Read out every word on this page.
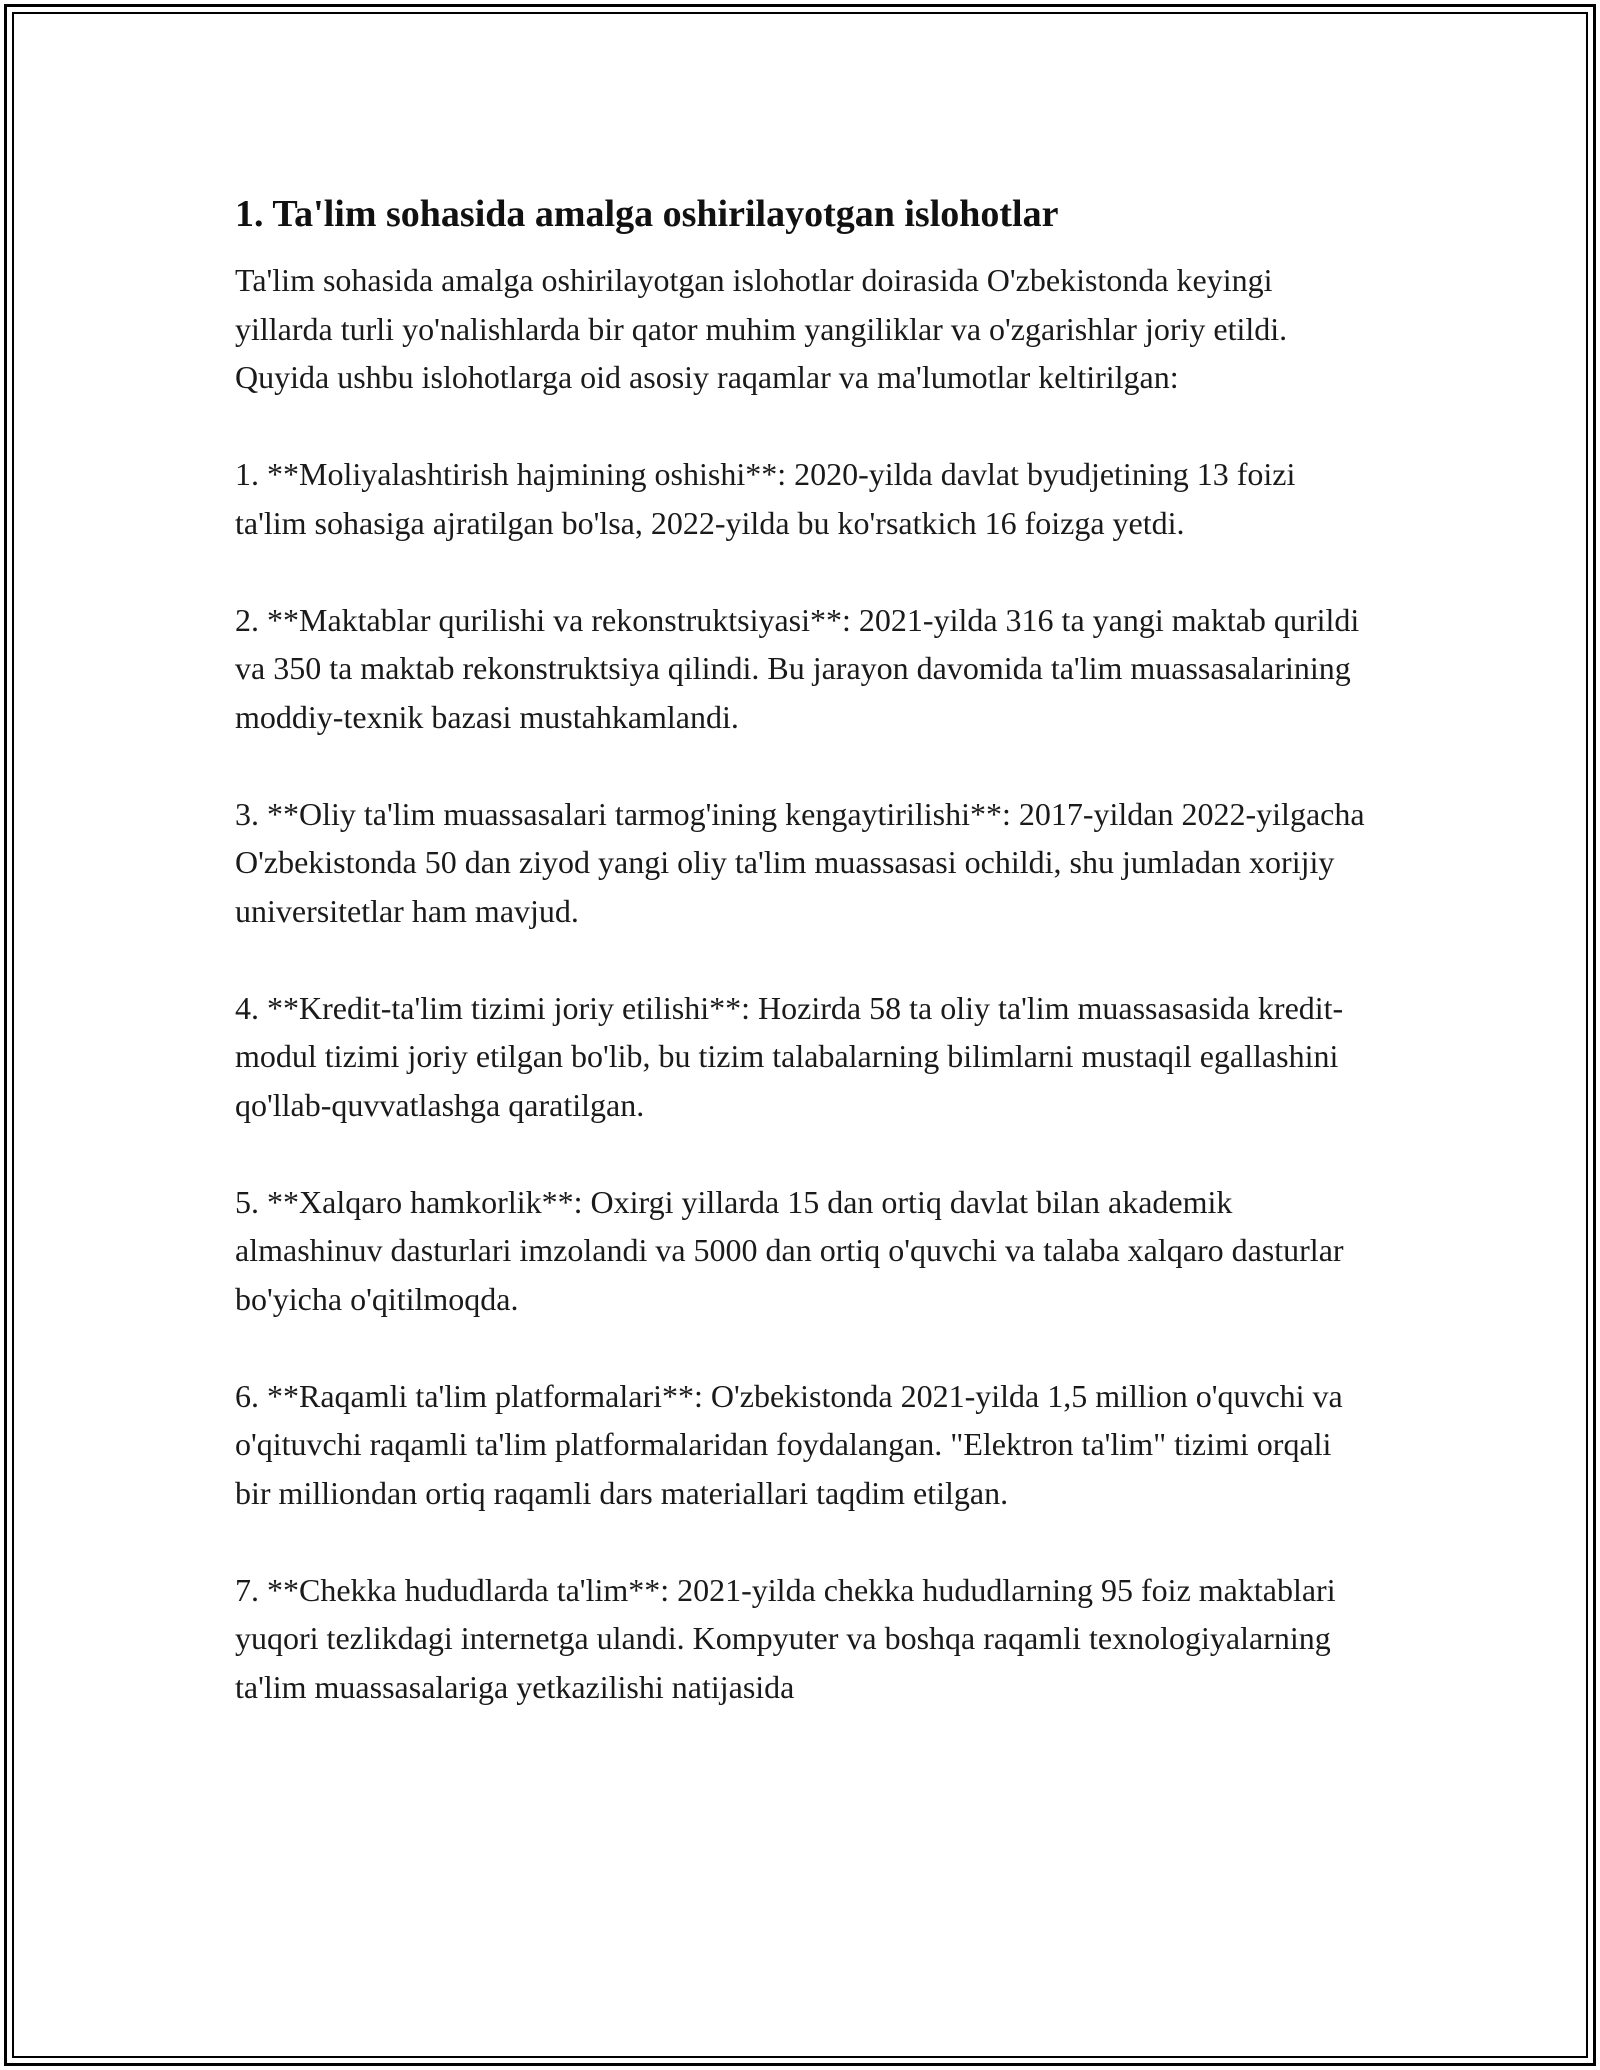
1. Ta'lim sohasida amalga oshirilayotgan islohotlar

Ta'lim sohasida amalga oshirilayotgan islohotlar doirasida O'zbekistonda keyingi yillarda turli yo'nalishlarda bir qator muhim yangiliklar va o'zgarishlar joriy etildi. Quyida ushbu islohotlarga oid asosiy raqamlar va ma'lumotlar keltirilgan:

1. **Moliyalashtirish hajmining oshishi**: 2020-yilda davlat byudjetining 13 foizi ta'lim sohasiga ajratilgan bo'lsa, 2022-yilda bu ko'rsatkich 16 foizga yetdi.

2. **Maktablar qurilishi va rekonstruktsiyasi**: 2021-yilda 316 ta yangi maktab qurildi va 350 ta maktab rekonstruktsiya qilindi. Bu jarayon davomida ta'lim muassasalarining moddiy-texnik bazasi mustahkamlandi.

3. **Oliy ta'lim muassasalari tarmog'ining kengaytirilishi**: 2017-yildan 2022-yilgacha O'zbekistonda 50 dan ziyod yangi oliy ta'lim muassasasi ochildi, shu jumladan xorijiy universitetlar ham mavjud.

4. **Kredit-ta'lim tizimi joriy etilishi**: Hozirda 58 ta oliy ta'lim muassasasida kredit-modul tizimi joriy etilgan bo'lib, bu tizim talabalarning bilimlarni mustaqil egallashini qo'llab-quvvatlashga qaratilgan.

5. **Xalqaro hamkorlik**: Oxirgi yillarda 15 dan ortiq davlat bilan akademik almashinuv dasturlari imzolandi va 5000 dan ortiq o'quvchi va talaba xalqaro dasturlar bo'yicha o'qitilmoqda.

6. **Raqamli ta'lim platformalari**: O'zbekistonda 2021-yilda 1,5 million o'quvchi va o'qituvchi raqamli ta'lim platformalaridan foydalangan. "Elektron ta'lim" tizimi orqali bir milliondan ortiq raqamli dars materiallari taqdim etilgan.

7. **Chekka hududlarda ta'lim**: 2021-yilda chekka hududlarning 95 foiz maktablari yuqori tezlikdagi internetga ulandi. Kompyuter va boshqa raqamli texnologiyalarning ta'lim muassasalariga yetkazilishi natijasida
